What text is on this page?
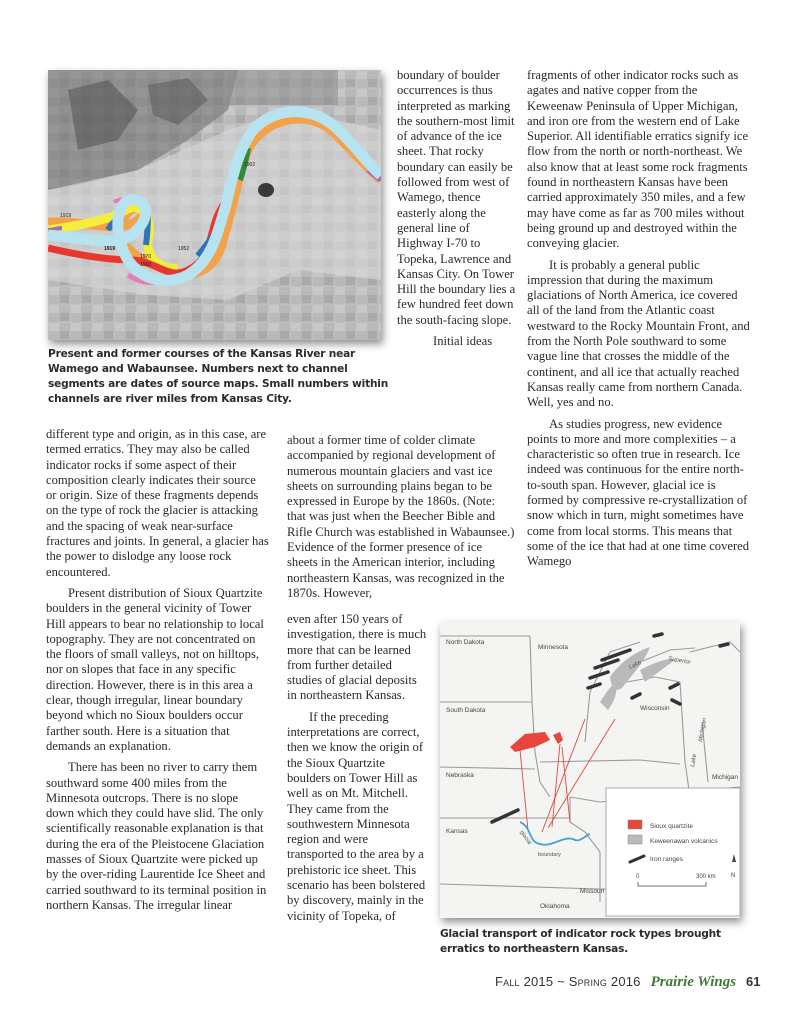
1919
1919
1970
1960
1952
1902
Present and former courses of the Kansas River near Wamego and Wabaunsee. Numbers next to channel segments are dates of source maps. Small numbers within channels are river miles from Kansas City.

boundary of boulder occurrences is thus interpreted as marking the southern-most limit of advance of the ice sheet. That rocky boundary can easily be followed from west of Wamego, thence easterly along the general line of Highway I-70 to Topeka, Lawrence and Kansas City. On Tower Hill the boundary lies a few hundred feet down the south-facing slope.

Initial ideas

different type and origin, as in this case, are termed erratics. They may also be called indicator rocks if some aspect of their composition clearly indicates their source or origin. Size of these fragments depends on the type of rock the glacier is attacking and the spacing of weak near-surface fractures and joints. In general, a glacier has the power to dislodge any loose rock encountered.

Present distribution of Sioux Quartzite boulders in the general vicinity of Tower Hill appears to bear no relationship to local topography. They are not concentrated on the floors of small valleys, not on hilltops, nor on slopes that face in any specific direction. However, there is in this area a clear, though irregular, linear boundary beyond which no Sioux boulders occur farther south. Here is a situation that demands an explanation.

There has been no river to carry them southward some 400 miles from the Minnesota outcrops. There is no slope down which they could have slid. The only scientifically reasonable explanation is that during the era of the Pleistocene Glaciation masses of Sioux Quartzite were picked up by the over-riding Laurentide Ice Sheet and carried southward to its terminal position in northern Kansas. The irregular linear

about a former time of colder climate accompanied by regional development of numerous mountain glaciers and vast ice sheets on surrounding plains began to be expressed in Europe by the 1860s. (Note: that was just when the Beecher Bible and Rifle Church was established in Wabaunsee.) Evidence of the former presence of ice sheets in the American interior, including northeastern Kansas, was recognized in the 1870s. However,

even after 150 years of investigation, there is much more that can be learned from further detailed studies of glacial deposits in northeastern Kansas.

If the preceding interpretations are correct, then we know the origin of the Sioux Quartzite boulders on Tower Hill as well as on Mt. Mitchell. They came from the southwestern Minnesota region and were transported to the area by a prehistoric ice sheet. This scenario has been bolstered by discovery, mainly in the vicinity of Topeka, of

fragments of other indicator rocks such as agates and native copper from the Keweenaw Peninsula of Upper Michigan, and iron ore from the western end of Lake Superior. All identifiable erratics signify ice flow from the north or north-northeast. We also know that at least some rock fragments found in northeastern Kansas have been carried approximately 350 miles, and a few may have come as far as 700 miles without being ground up and destroyed within the conveying glacier.

It is probably a general public impression that during the maximum glaciations of North America, ice covered all of the land from the Atlantic coast westward to the Rocky Mountain Front, and from the North Pole southward to some vague line that crosses the middle of the continent, and all ice that actually reached Kansas really came from northern Canada. Well, yes and no.

As studies progress, new evidence points to more and more complexities – a characteristic so often true in research. Ice indeed was continuous for the entire north-to-south span. However, glacial ice is formed by compressive re-crystallization of snow which in turn, might sometimes have come from local storms. This means that some of the ice that had at one time covered Wamego

North Dakota
Minnesota
South Dakota	Wisconsin
Nebraska	Michigan
Kansas
Missouri
Oklahoma
Lake	Superior
Lake
Michigan
glacial
boundary
Sioux quartzite
Keweenawan volcanics
Iron ranges
0	300 km	N
Glacial transport of indicator rock types brought erratics to northeastern Kansas.
Fall 2015 ~ Spring 2016 Prairie Wings 61
